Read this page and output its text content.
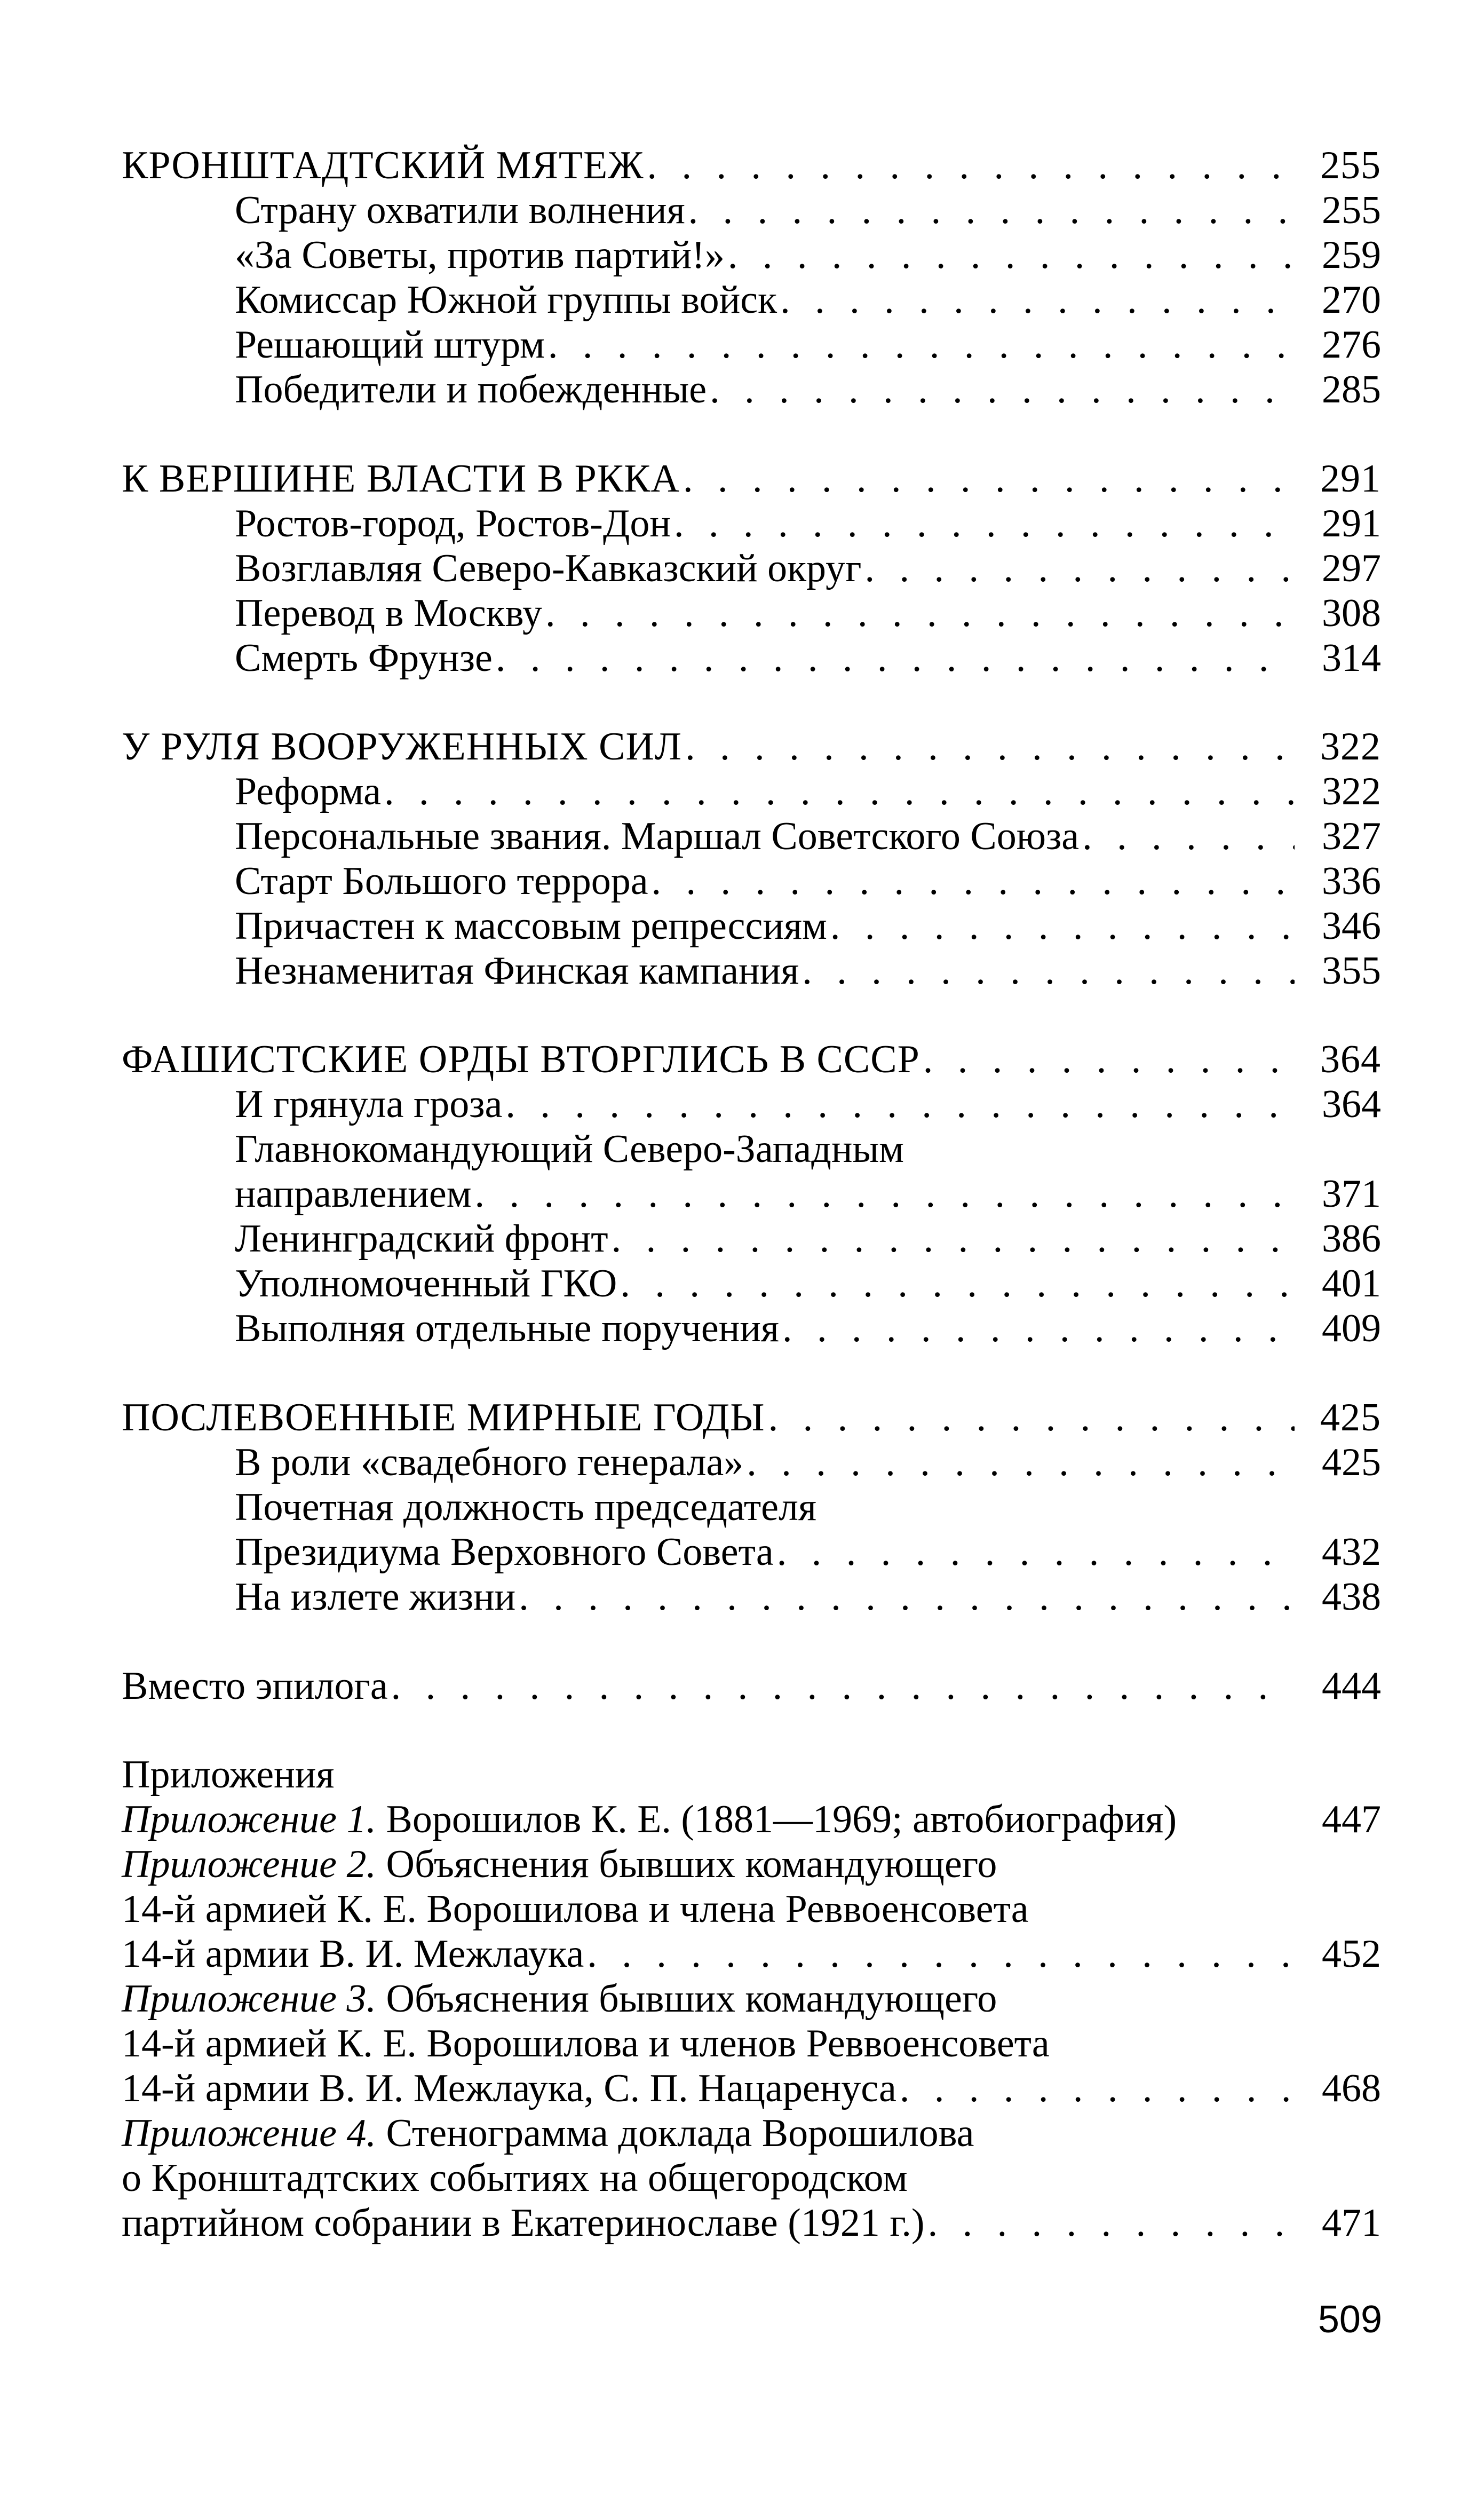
КРОНШТАДТСКИЙ МЯТЕЖ . . .	255
Страну охватили волнения . . .	255
«За Советы, против партий!» . . .	259
Комиссар Южной группы войск . . .	270
Решающий штурм . . .	276
Победители и побежденные . . .	285
К ВЕРШИНЕ ВЛАСТИ В РККА . . .	291
Ростов-город, Ростов-Дон . . .	291
Возглавляя Северо-Кавказский округ . . .	297
Перевод в Москву . . .	308
Смерть Фрунзе . . .	314
У РУЛЯ ВООРУЖЕННЫХ СИЛ . . .	322
Реформа . . .	322
Персональные звания. Маршал Советского Союза . . .	327
Старт Большого террора . . .	336
Причастен к массовым репрессиям . . .	346
Незнаменитая Финская кампания . . .	355
ФАШИСТСКИЕ ОРДЫ ВТОРГЛИСЬ В СССР . . .	364
И грянула гроза . . .	364
Главнокомандующий Северо-Западным
направлением . . .	371
Ленинградский фронт . . .	386
Уполномоченный ГКО . . .	401
Выполняя отдельные поручения . . .	409
ПОСЛЕВОЕННЫЕ МИРНЫЕ ГОДЫ . . .	425
В роли «свадебного генерала» . . .	425
Почетная должность председателя
Президиума Верховного Совета . . .	432
На излете жизни . . .	438
Вместо эпилога . . .	444
Приложения
Приложение 1. Ворошилов К. Е. (1881—1969; автобиография)	447
Приложение 2. Объяснения бывших командующего
14-й армией К. Е. Ворошилова и члена Реввоенсовета
14-й армии В. И. Межлаука . . .	452
Приложение 3. Объяснения бывших командующего
14-й армией К. Е. Ворошилова и членов Реввоенсовета
14-й армии В. И. Межлаука, С. П. Нацаренуса . . .	468
Приложение 4. Стенограмма доклада Ворошилова
о Кронштадтских событиях на общегородском
партийном собрании в Екатеринославе (1921 г.) . . .	471
509
